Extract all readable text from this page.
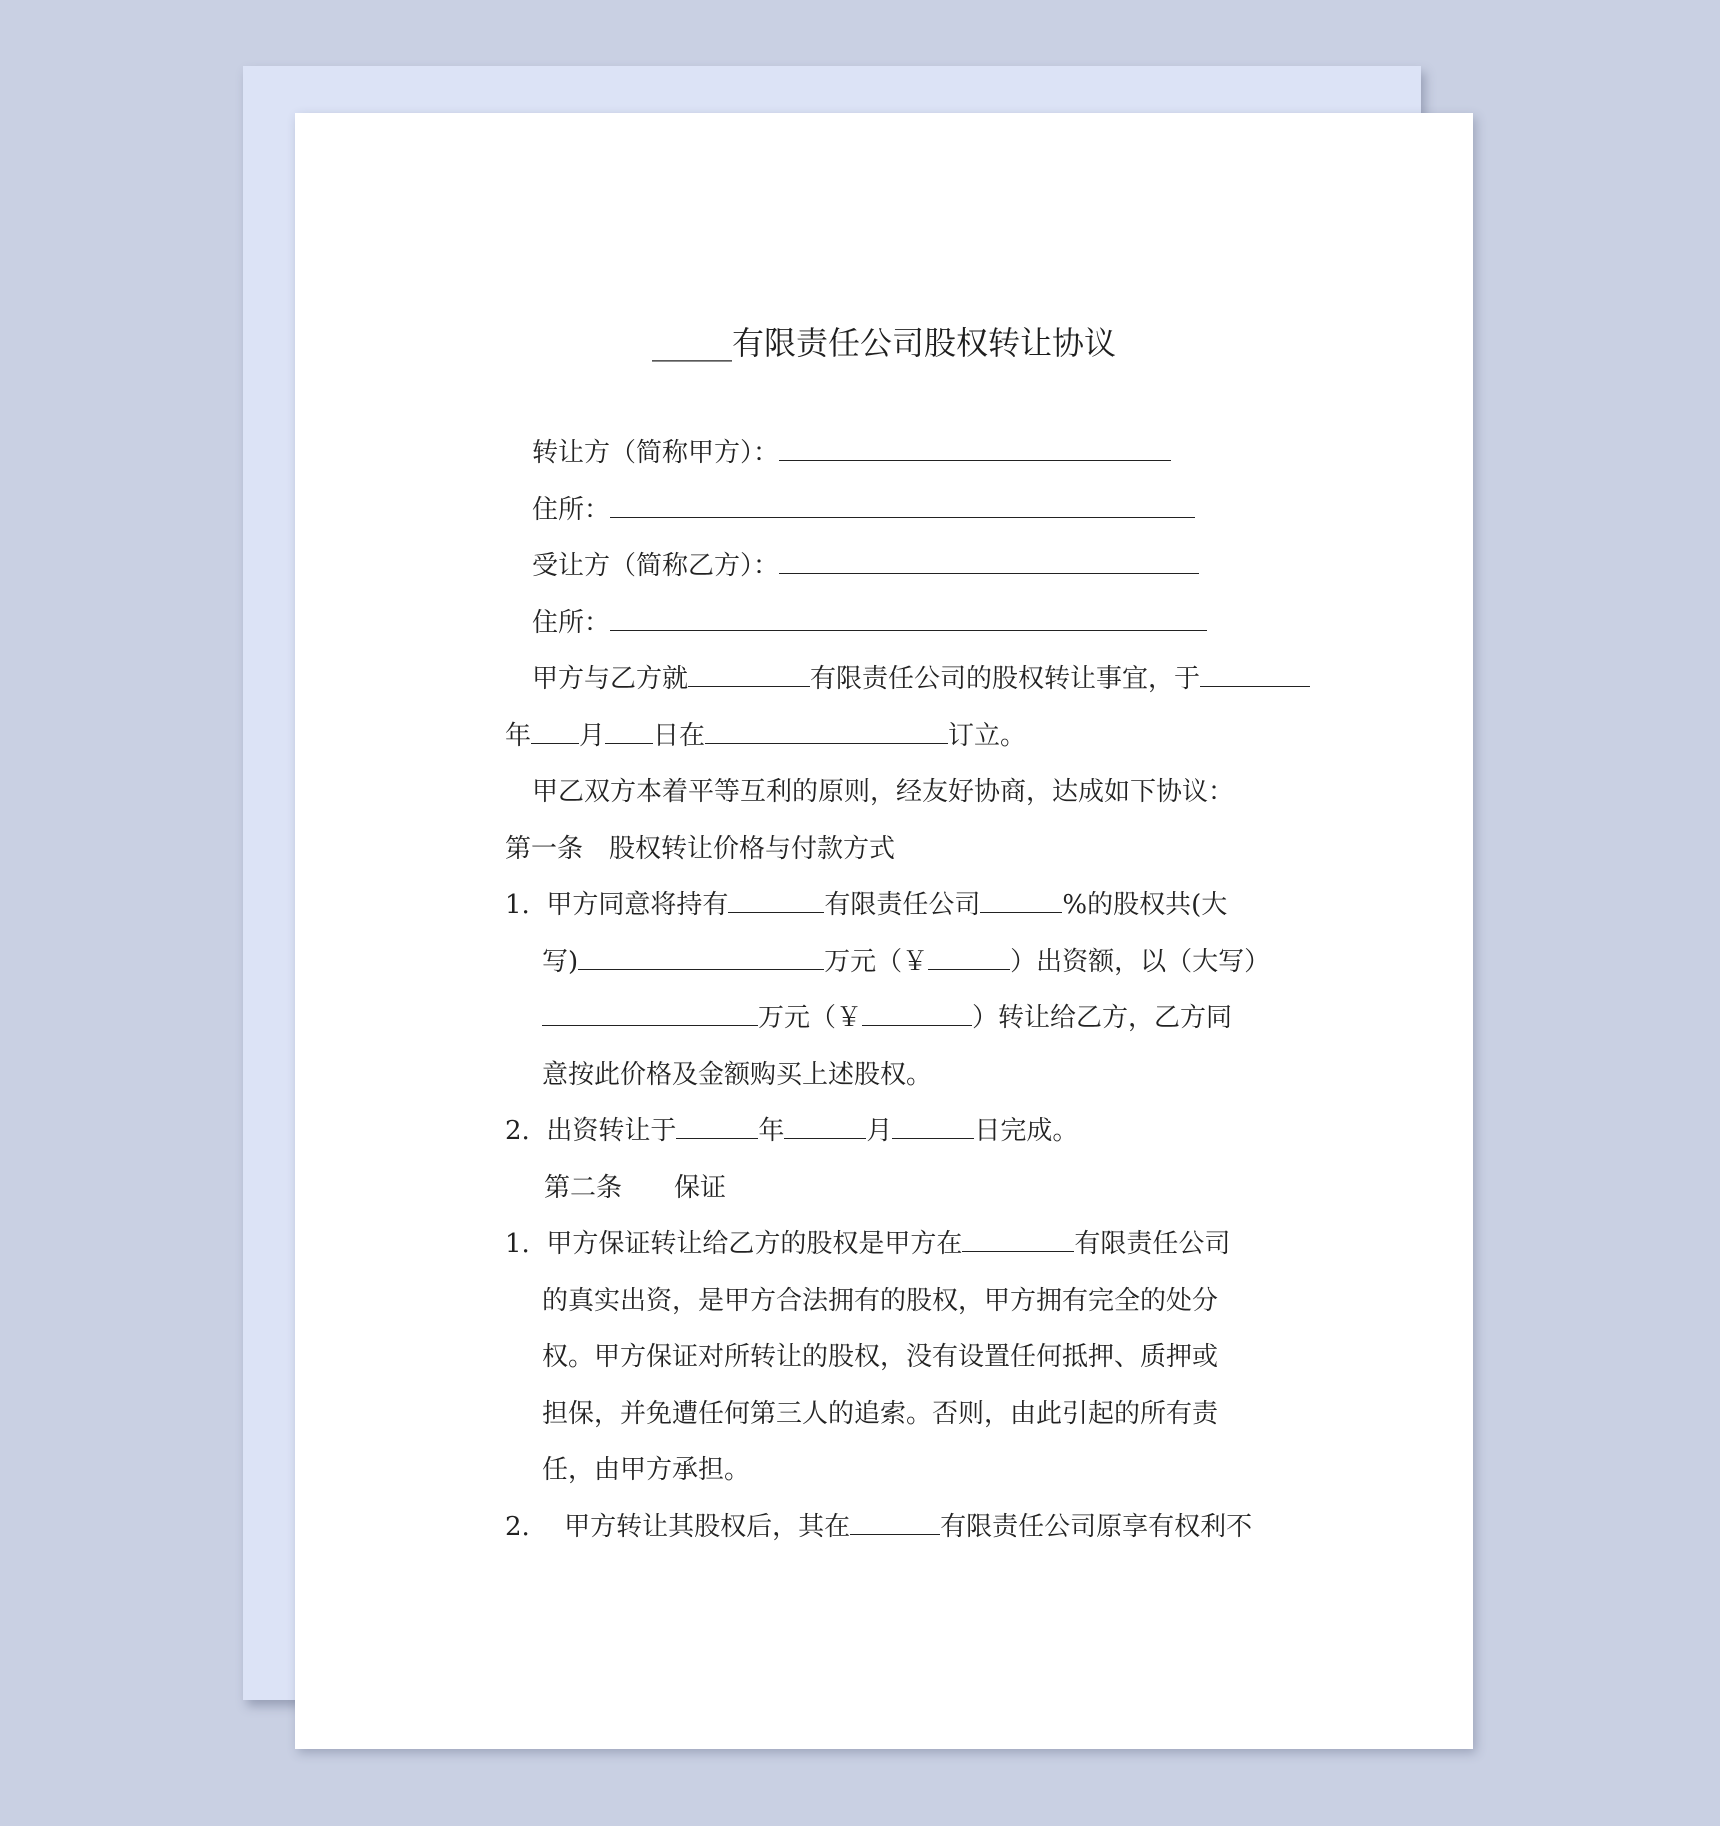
_____有限责任公司股权转让协议
转让方（简称甲方）：
住所：
受让方（简称乙方）：
住所：
甲方与乙方就	有限责任公司的股权转让事宜，于
年 月 日在	订立。
甲乙双方本着平等互利的原则，经友好协商，达成如下协议：
第一条　股权转让价格与付款方式
1.  甲方同意将持有	有限责任公司	%的股权共(大
写)	万元（￥	）出资额，以（大写）
万元（￥	）转让给乙方，乙方同
意按此价格及金额购买上述股权。
2.  出资转让于	年	月	日完成。
第二条　　保证
1.  甲方保证转让给乙方的股权是甲方在	有限责任公司
的真实出资，是甲方合法拥有的股权，甲方拥有完全的处分
权。甲方保证对所转让的股权，没有设置任何抵押、质押或
担保，并免遭任何第三人的追索。否则，由此引起的所有责
任，由甲方承担。
2.　 甲方转让其股权后，其在	有限责任公司原享有权利不
